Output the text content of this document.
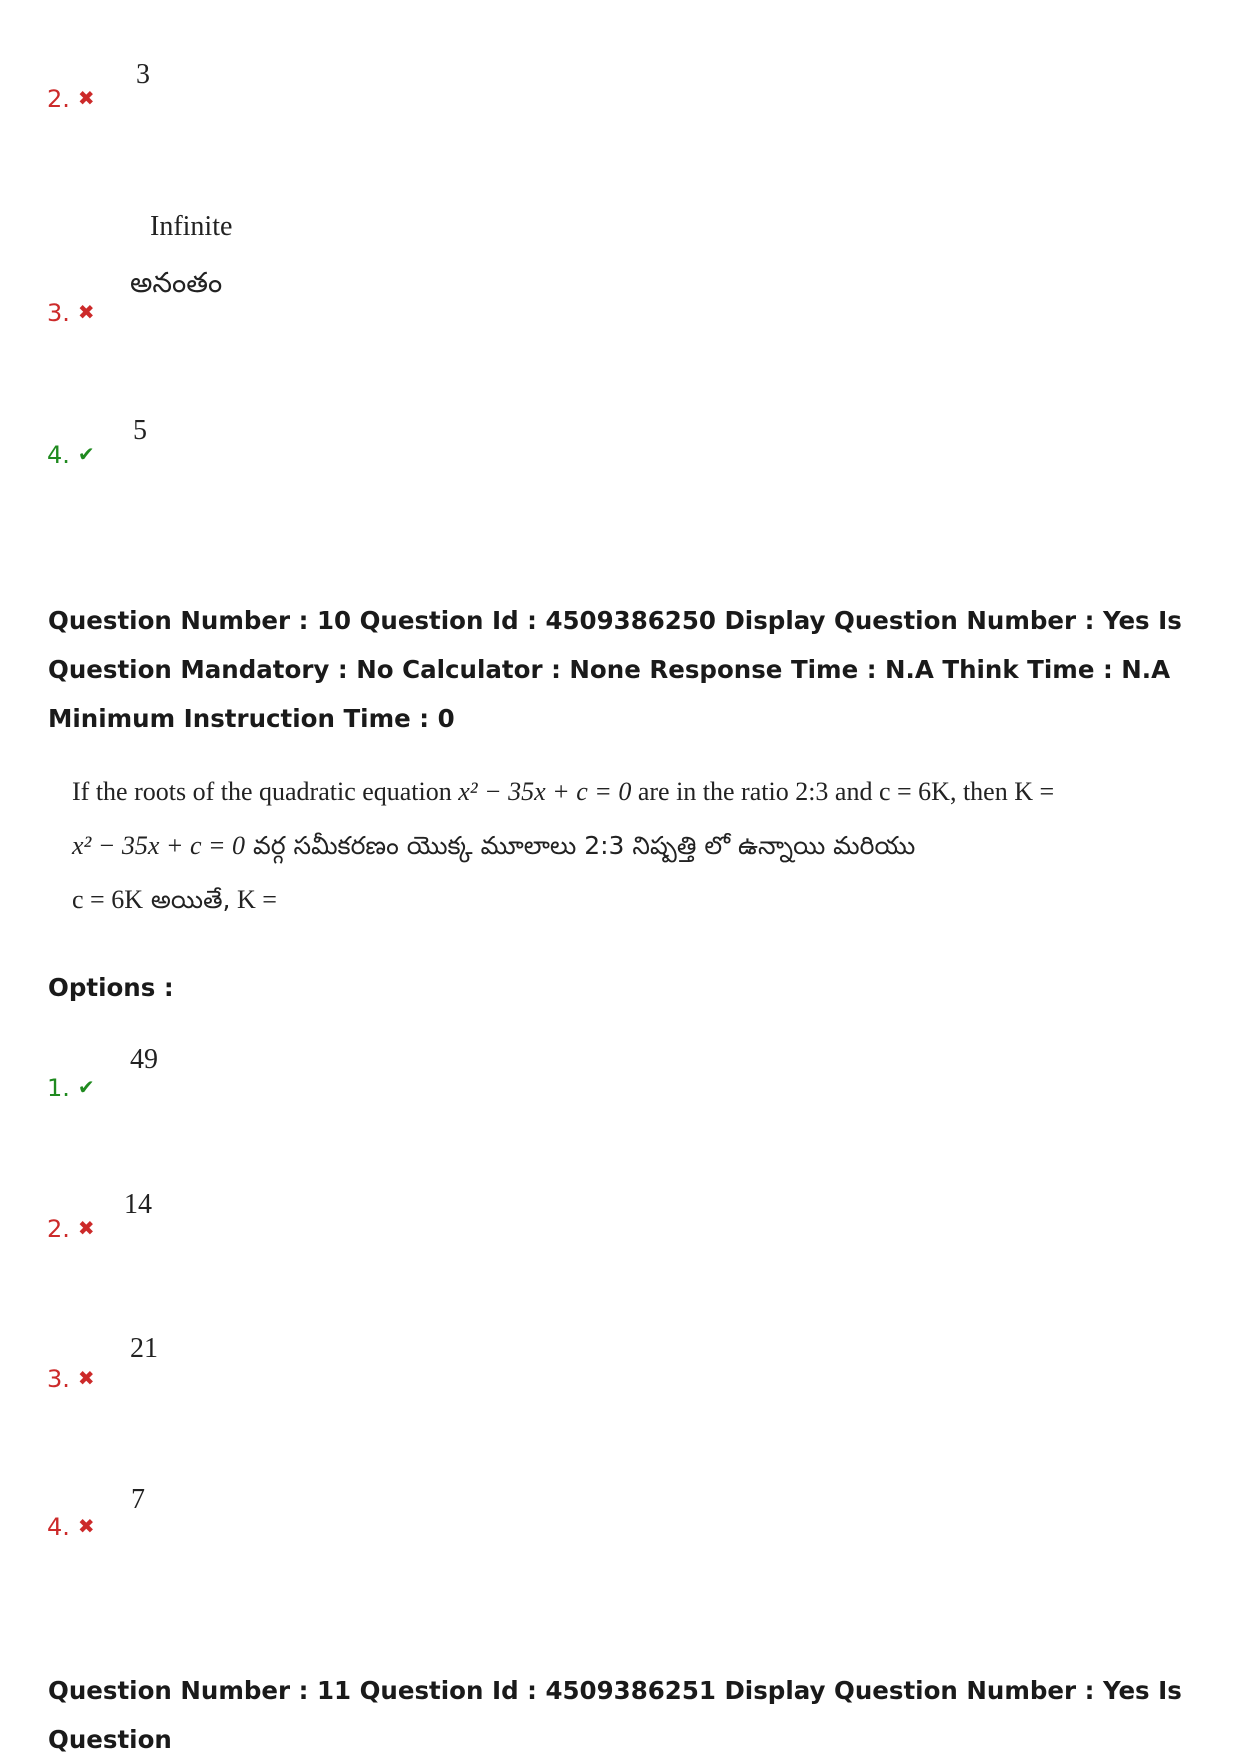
3
2. ✖
Infinite
అనంతం
3. ✖
5
4. ✔
Question Number : 10 Question Id : 4509386250 Display Question Number : Yes Is Question Mandatory : No Calculator : None Response Time : N.A Think Time : N.A Minimum Instruction Time : 0
If the roots of the quadratic equation x² − 35x + c = 0 are in the ratio 2:3 and c = 6K, then K =
x² − 35x + c = 0 వర్గ సమీకరణం యొక్క మూలాలు 2:3 నిష్పత్తి లో ఉన్నాయి మరియు
c = 6K అయితే, K =
Options :
49
1. ✔
14
2. ✖
21
3. ✖
7
4. ✖
Question Number : 11 Question Id : 4509386251 Display Question Number : Yes Is Question
